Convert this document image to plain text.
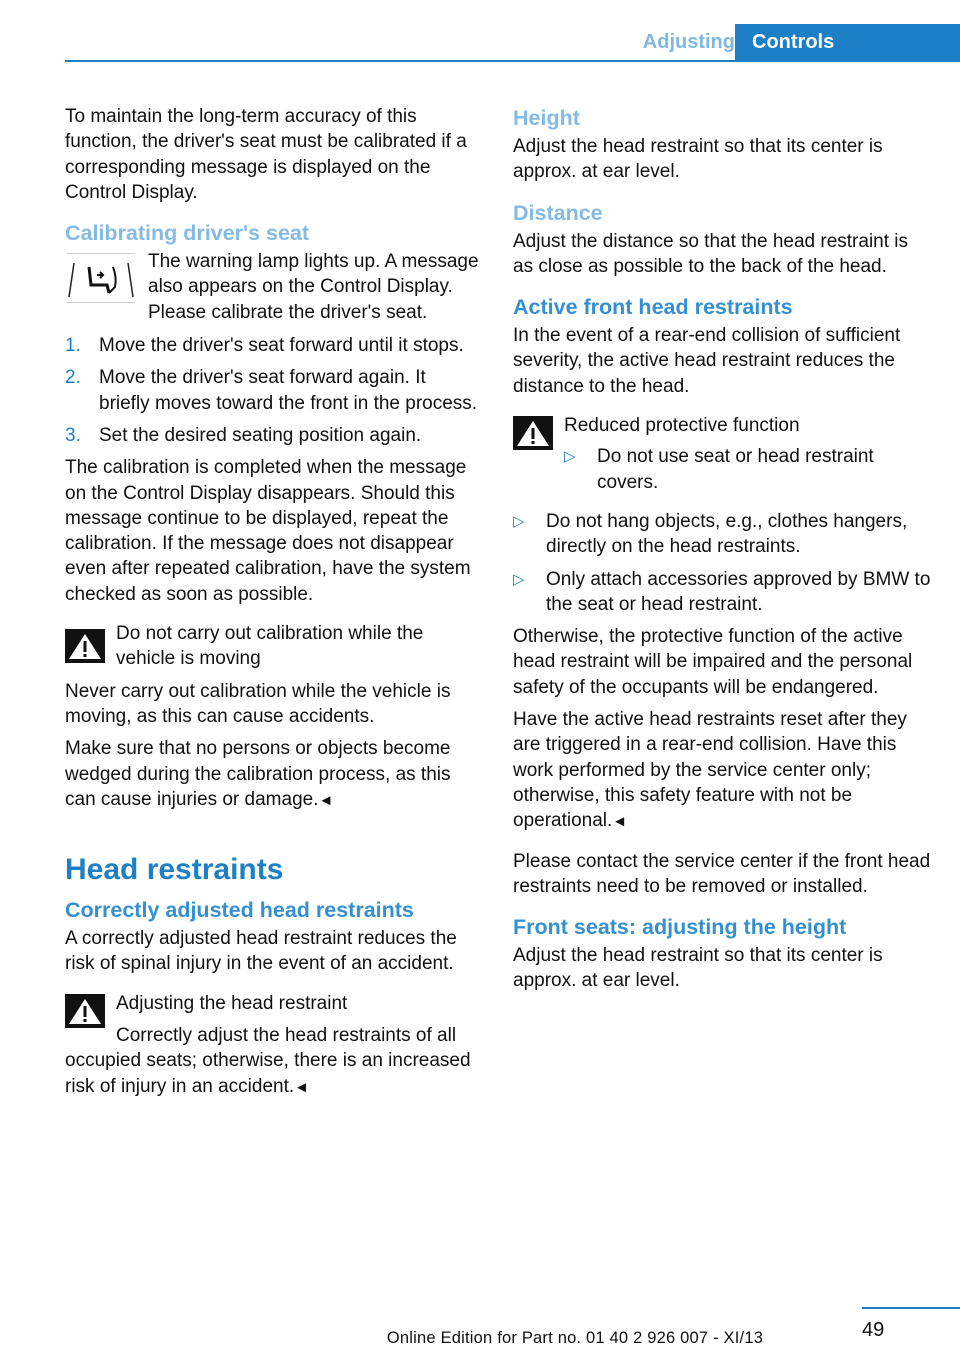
Adjusting Controls

To maintain the long-term accuracy of this function, the driver's seat must be calibrated if a corresponding message is displayed on the Control Display.

Calibrating driver's seat

The warning lamp lights up. A message also appears on the Control Display. Please calibrate the driver's seat.

1. Move the driver's seat forward until it stops.
2. Move the driver's seat forward again. It briefly moves toward the front in the process.
3. Set the desired seating position again.

The calibration is completed when the message on the Control Display disappears. Should this message continue to be displayed, repeat the calibration. If the message does not disappear even after repeated calibration, have the system checked as soon as possible.

Do not carry out calibration while the vehicle is moving

Never carry out calibration while the vehicle is moving, as this can cause accidents.

Make sure that no persons or objects become wedged during the calibration process, as this can cause injuries or damage.◄

Head restraints
Correctly adjusted head restraints

A correctly adjusted head restraint reduces the risk of spinal injury in the event of an accident.

Adjusting the head restraint
Correctly adjust the head restraints of all occupied seats; otherwise, there is an increased risk of injury in an accident.◄
Height

Adjust the head restraint so that its center is approx. at ear level.

Distance

Adjust the distance so that the head restraint is as close as possible to the back of the head.

Active front head restraints

In the event of a rear-end collision of sufficient severity, the active head restraint reduces the distance to the head.

Reduced protective function
▷ Do not use seat or head restraint covers.
▷ Do not hang objects, e.g., clothes hangers, directly on the head restraints.
▷ Only attach accessories approved by BMW to the seat or head restraint.

Otherwise, the protective function of the active head restraint will be impaired and the personal safety of the occupants will be endangered.

Have the active head restraints reset after they are triggered in a rear-end collision. Have this work performed by the service center only; otherwise, this safety feature with not be operational.◄

Please contact the service center if the front head restraints need to be removed or installed.

Front seats: adjusting the height

Adjust the head restraint so that its center is approx. at ear level.

49
Online Edition for Part no. 01 40 2 926 007 - XI/13
